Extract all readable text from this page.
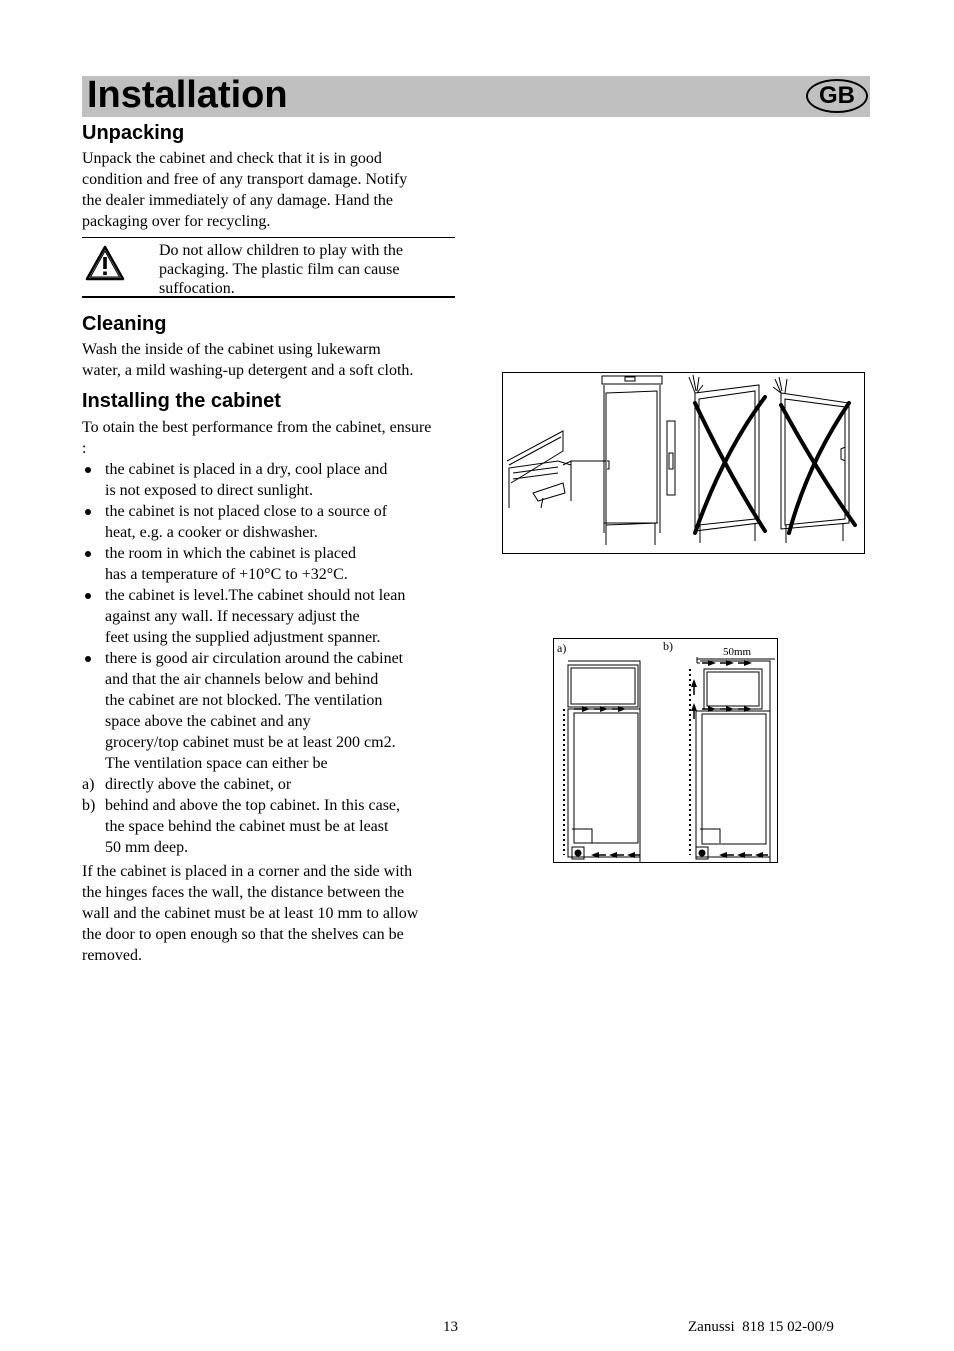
Installation	GB
Unpacking
Unpack the cabinet and check that it is in good
condition and free of any transport damage. Notify
the dealer immediately of any damage. Hand the
packaging over for recycling.
Do not allow children to play with the
packaging. The plastic film can cause
suffocation.
Cleaning
Wash the inside of the cabinet using lukewarm
water, a mild washing-up detergent and a soft cloth.
Installing the cabinet
To otain the best performance from the cabinet, ensure
:
the cabinet is placed in a dry, cool place and
is not exposed to direct sunlight.
the cabinet is not placed close to a source of
heat, e.g. a cooker or dishwasher.
the room in which the cabinet is placed
has a temperature of +10°C to +32°C.
the cabinet is level.The cabinet should not lean
against any wall. If necessary adjust the
feet using the supplied adjustment spanner.
there is good air circulation around the cabinet
and that the air channels below and behind
the cabinet are not blocked. The ventilation
space above the cabinet and any
grocery/top cabinet must be at least 200 cm2.
The ventilation space can either be
a) directly above the cabinet, or
b) behind and above the top cabinet. In this case,
the space behind the cabinet must be at least
50 mm deep.
If the cabinet is placed in a corner and the side with
the hinges faces the wall, the distance between the
wall and the cabinet must be at least 10 mm to allow
the door to open enough so that the shelves can be
removed.
a)	b)	50mm
13	Zanussi  818 15 02-00/9
